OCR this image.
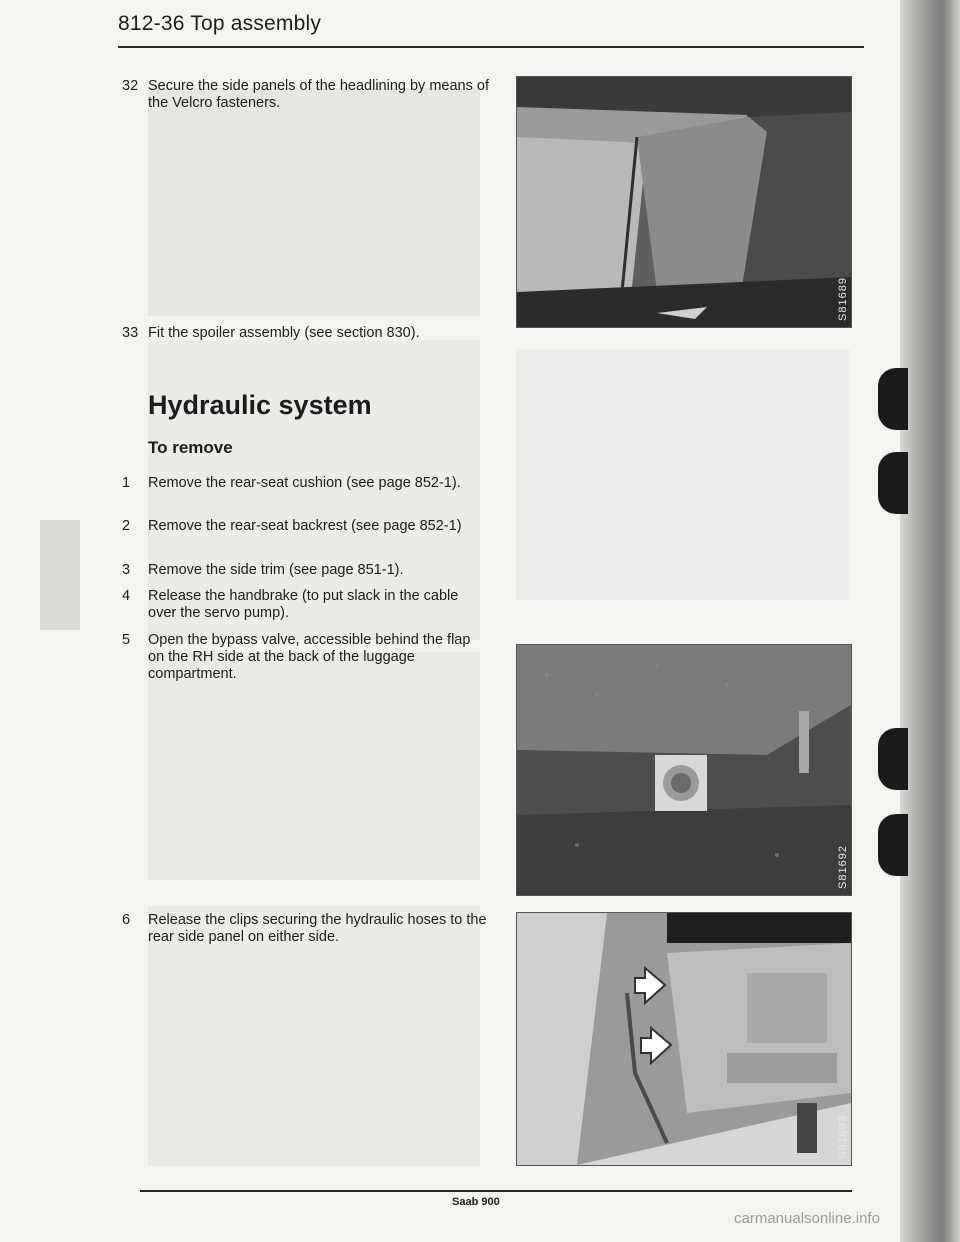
812-36 Top assembly
32 Secure the side panels of the headlining by means of the Velcro fasteners.
33 Fit the spoiler assembly (see section 830).
Hydraulic system
To remove
1	Remove the rear-seat cushion (see page 852-1).
2	Remove the rear-seat backrest (see page 852-1)
3	Remove the side trim (see page 851-1).
4	Release the handbrake (to put slack in the cable over the servo pump).
5	Open the bypass valve, accessible behind the flap on the RH side at the back of the luggage compartment.
6	Release the clips securing the hydraulic hoses to the rear side panel on either side.
S81689
S81692
S81693
Saab 900
carmanualsonline.info
